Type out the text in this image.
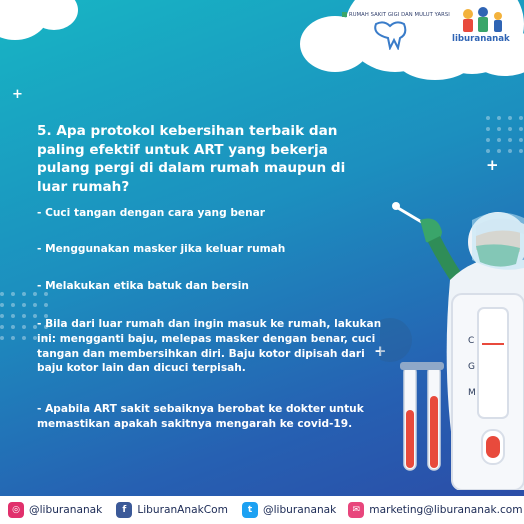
+
+
+
RUMAH SAKIT GIGI DAN MULUT YARSI
liburananak

5. Apa protokol kebersihan terbaik dan paling efektif untuk ART yang bekerja pulang pergi di dalam rumah maupun di luar rumah?

- Cuci tangan dengan cara yang benar
- Menggunakan masker jika keluar rumah
- Melakukan etika batuk dan bersin
- Bila dari luar rumah dan ingin masuk ke rumah, lakukan ini: mengganti baju, melepas masker dengan benar, cuci tangan dan membersihkan diri. Baju kotor dipisah dari baju kotor lain dan dicuci terpisah.
- Apabila ART sakit sebaiknya berobat ke dokter untuk memastikan apakah sakitnya mengarah ke covid-19.
C
G
M
◎ @liburananak	f	LiburanAnakCom	t	@liburananak	✉ marketing@liburananak.com
